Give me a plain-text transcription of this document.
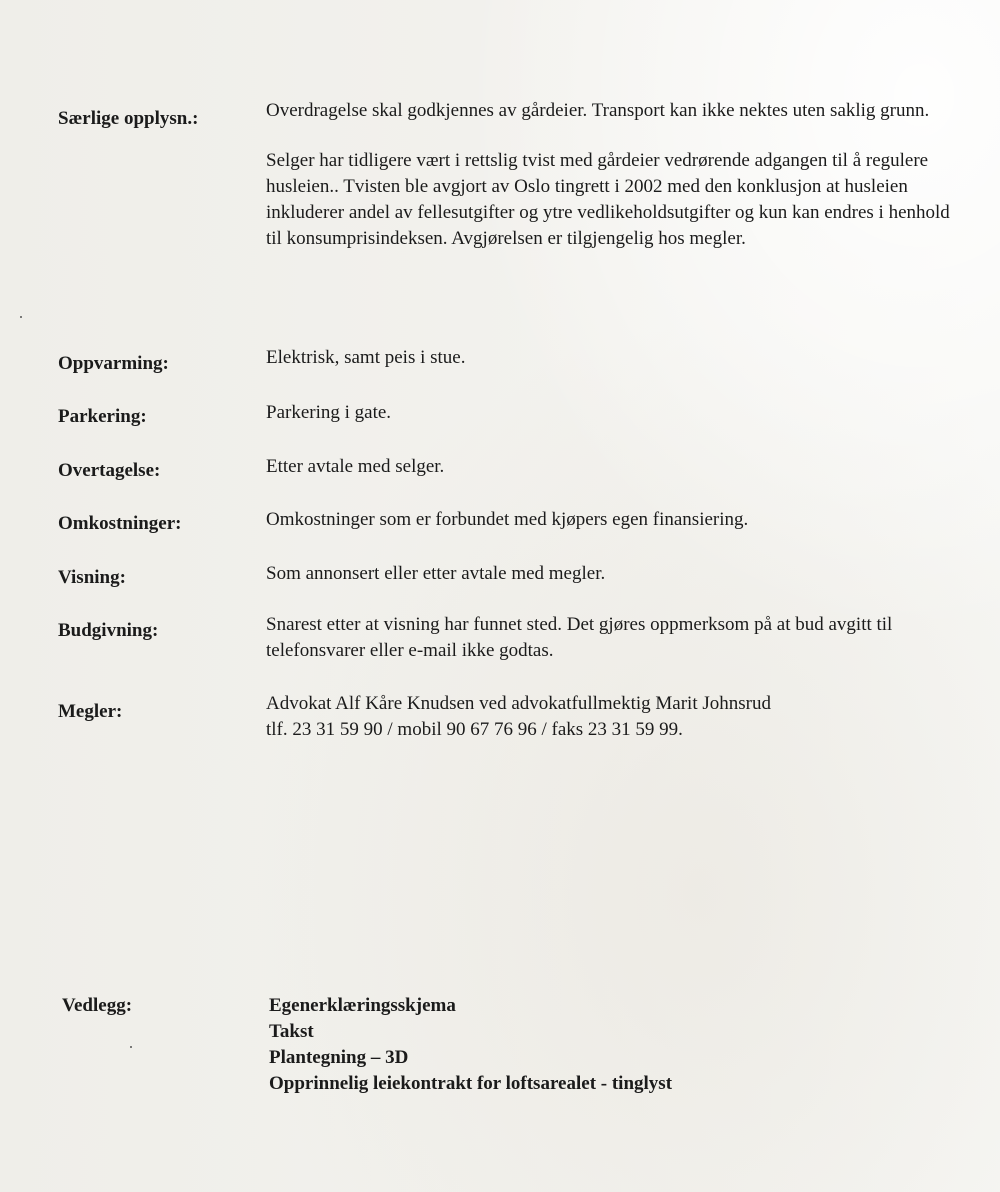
Særlige opplysn.:	Overdragelse skal godkjennes av gårdeier. Transport kan ikke nektes uten saklig grunn.

Selger har tidligere vært i rettslig tvist med gårdeier vedrørende adgangen til å regulere husleien.. Tvisten ble avgjort av Oslo tingrett i 2002 med den konklusjon at husleien inkluderer andel av fellesutgifter og ytre vedlikeholdsutgifter og kun kan endres i henhold til konsumprisindeksen. Avgjørelsen er tilgjengelig hos megler.

Oppvarming:	Elektrisk, samt peis i stue.
Parkering:	Parkering i gate.
Overtagelse:	Etter avtale med selger.
Omkostninger:	Omkostninger som er forbundet med kjøpers egen finansiering.
Visning:	Som annonsert eller etter avtale med megler.
Budgivning:	Snarest etter at visning har funnet sted. Det gjøres oppmerksom på at bud avgitt til telefonsvarer eller e-mail ikke godtas.
Megler:	Advokat Alf Kåre Knudsen ved advokatfullmektig Marit Johnsrud
tlf. 23 31 59 90 / mobil 90 67 76 96 / faks 23 31 59 99.
Vedlegg:	Egenerklæringsskjema
Takst
Plantegning – 3D
Opprinnelig leiekontrakt for loftsarealet - tinglyst
